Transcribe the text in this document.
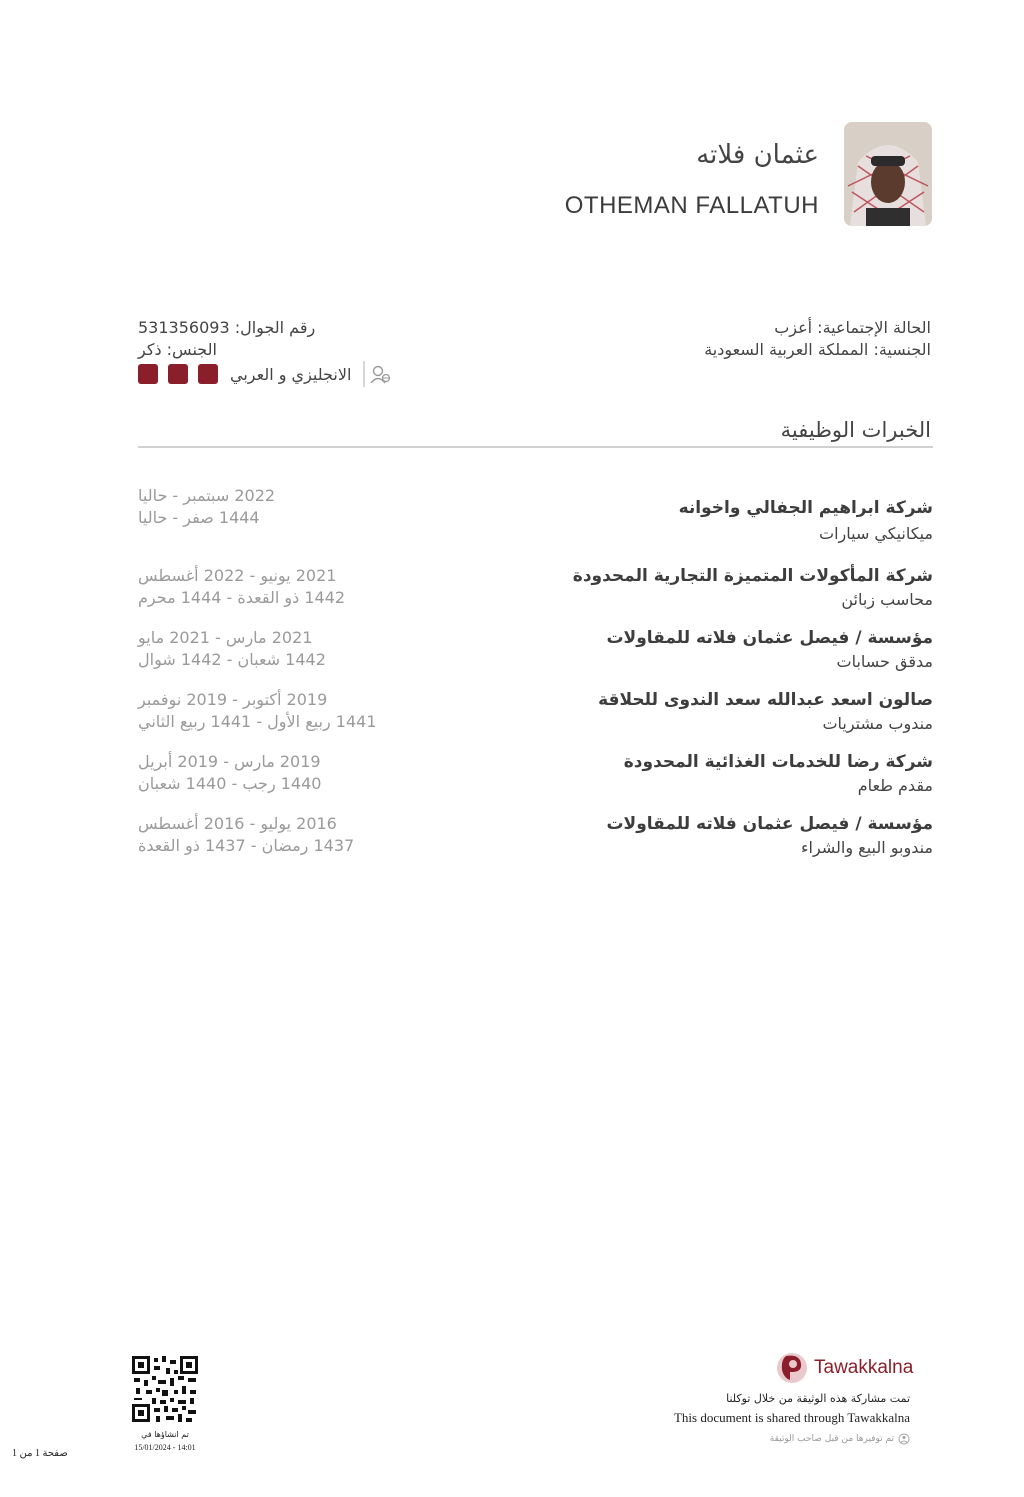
عثمان فلاته
OTHEMAN FALLATUH
الحالة الإجتماعية: أعزب
الجنسية: المملكة العربية السعودية
رقم الجوال: 531356093
الجنس: ذكر
الانجليزي و العربي
الخبرات الوظيفية
شركة ابراهيم الجفالي واخوانه
ميكانيكي سيارات
2022 سبتمبر - حاليا
1444 صفر - حاليا
شركة المأكولات المتميزة التجارية المحدودة
محاسب زبائن
2021 يونيو - 2022 أغسطس
1442 ذو القعدة - 1444 محرم
مؤسسة / فيصل عثمان فلاته للمقاولات
مدقق حسابات
2021 مارس - 2021 مايو
1442 شعبان - 1442 شوال
صالون اسعد عبدالله سعد الندوى للحلاقة
مندوب مشتريات
2019 أكتوبر - 2019 نوفمبر
1441 ربيع الأول - 1441 ربيع الثاني
شركة رضا للخدمات الغذائية المحدودة
مقدم طعام
2019 مارس - 2019 أبريل
1440 رجب - 1440 شعبان
مؤسسة / فيصل عثمان فلاته للمقاولات
مندوبو البيع والشراء
2016 يوليو - 2016 أغسطس
1437 رمضان - 1437 ذو القعدة
تم انشاؤها في
15/01/2024 - 14:01
صفحة 1 من 1
Tawakkalna
تمت مشاركة هذه الوثيقة من خلال توكلنا
This document is shared through Tawakkalna
تم توفيرها من قبل صاحب الوثيقة
